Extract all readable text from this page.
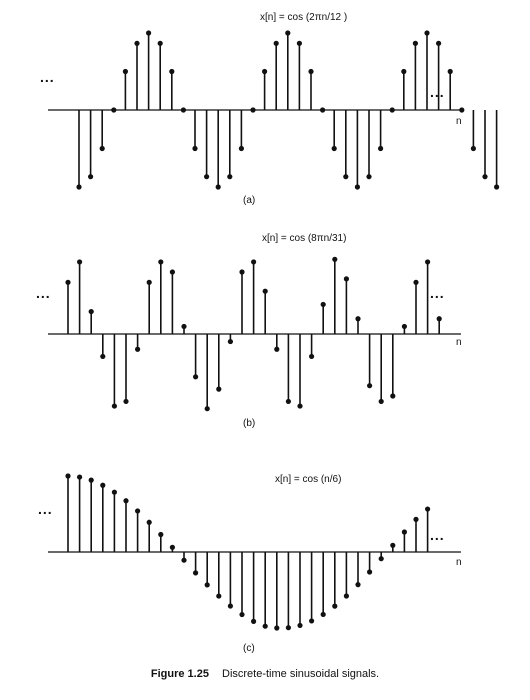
x[n] = cos (2πn/12 )
...
...
n
(a)
x[n] = cos (8πn/31)
...	...
n
(b)
x[n] = cos (n/6)
...
...
n
(c)
Figure 1.25 Discrete-time sinusoidal signals.
